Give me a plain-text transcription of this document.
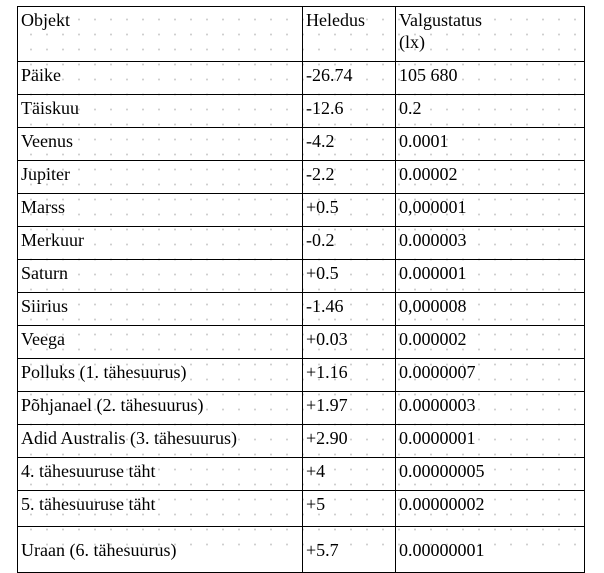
Objekt	Heledus	Valgustatus
(lx)

Päike	-26.74	105 680
Täiskuu	-12.6	0.2
Veenus	-4.2	0.0001
Jupiter	-2.2	0.00002
Marss	+0.5	0,000001
Merkuur	-0.2	0.000003
Saturn	+0.5	0.000001
Siirius	-1.46	0,000008
Veega	+0.03	0.000002
Polluks (1. tähesuurus)	+1.16	0.0000007
Põhjanael (2. tähesuurus)	+1.97	0.0000003
Adid Australis (3. tähesuurus)	+2.90	0.0000001
4. tähesuuruse täht	+4	0.00000005
5. tähesuuruse täht	+5	0.00000002
Uraan (6. tähesuurus)	+5.7	0.00000001
